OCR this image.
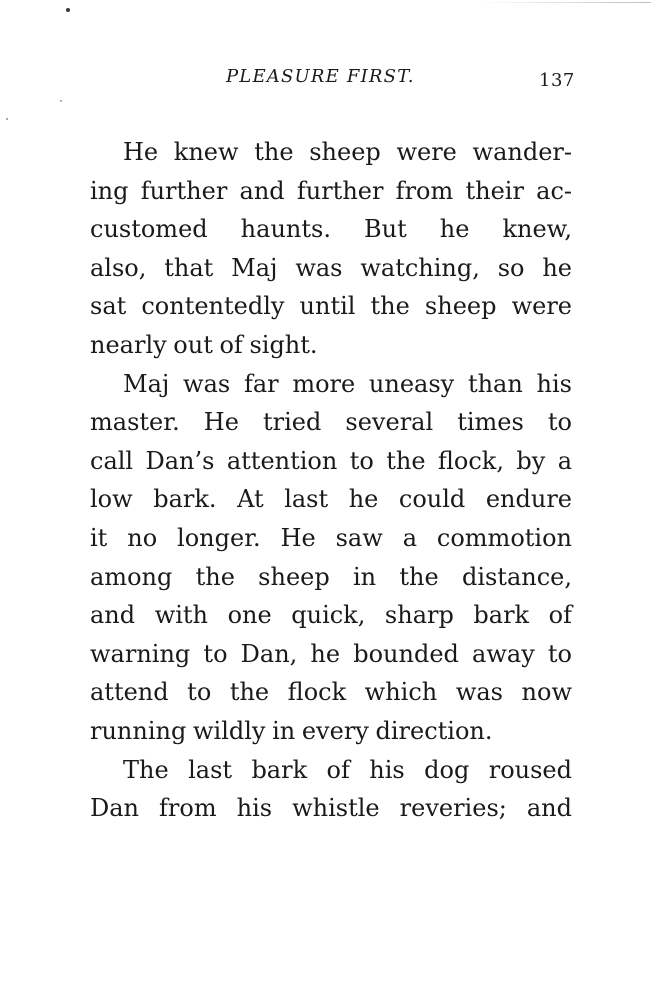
PLEASURE FIRST.	137
He knew the sheep were wander-
ing further and further from their ac-
customed haunts. But he knew,
also, that Maj was watching, so he
sat contentedly until the sheep were
nearly out of sight.
Maj was far more uneasy than his
master. He tried several times to
call Dan’s attention to the flock, by a
low bark. At last he could endure
it no longer. He saw a commotion
among the sheep in the distance,
and with one quick, sharp bark of
warning to Dan, he bounded away to
attend to the flock which was now
running wildly in every direction.
The last bark of his dog roused
Dan from his whistle reveries; and
